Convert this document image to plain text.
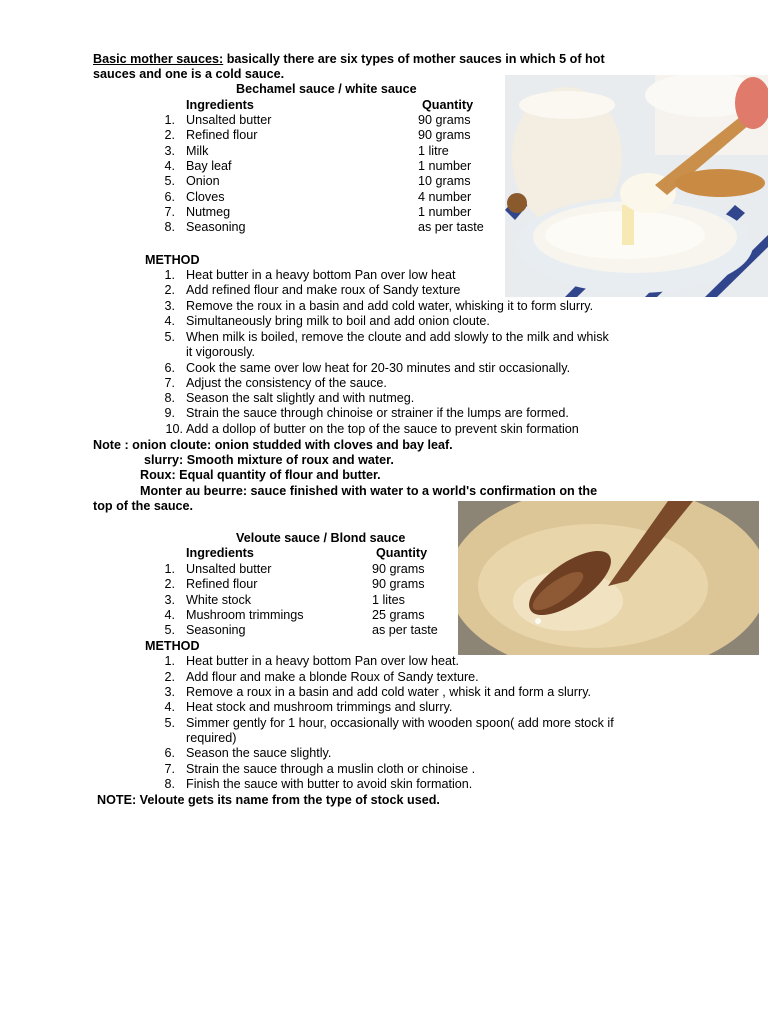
Basic mother sauces: basically there are six types of mother sauces in which 5 of hot
sauces and one is a cold sauce.
Bechamel sauce / white sauce
Ingredients	Quantity
1. Unsalted butter	90 grams
2. Refined flour	90 grams
3. Milk	1 litre
4. Bay leaf	1 number
5. Onion	10 grams
6. Cloves	4 number
7. Nutmeg	1 number
8. Seasoning	as per taste
METHOD
1. Heat butter in a heavy bottom Pan over low heat
2. Add refined flour and make roux of Sandy texture
3. Remove the roux in a basin and add cold water, whisking it to form slurry.
4. Simultaneously bring milk to boil and add onion cloute.
5. When milk is boiled, remove the cloute and add slowly to the milk and whisk
it vigorously.
6. Cook the same over low heat for 20-30 minutes and stir occasionally.
7. Adjust the consistency of the sauce.
8. Season the salt slightly and with nutmeg.
9. Strain the sauce through chinoise or strainer if the lumps are formed.
10. Add a dollop of butter on the top of the sauce to prevent skin formation
Note : onion cloute: onion studded with cloves and bay leaf.
slurry: Smooth mixture of roux and water.
Roux: Equal quantity of flour and butter.
Monter au beurre: sauce finished with water to a world's confirmation on the
top of the sauce.
Veloute sauce / Blond sauce
Ingredients	Quantity
1. Unsalted butter	90 grams
2. Refined flour	90 grams
3. White stock	1 lites
4. Mushroom trimmings	25 grams
5. Seasoning	as per taste
METHOD
1. Heat butter in a heavy bottom Pan over low heat.
2. Add flour and make a blonde Roux of Sandy texture.
3. Remove a roux in a basin and add cold water , whisk it and form a slurry.
4. Heat stock and mushroom trimmings and slurry.
5. Simmer gently for 1 hour, occasionally with wooden spoon( add more stock if
required)
6. Season the sauce slightly.
7. Strain the sauce through a muslin cloth or chinoise .
8. Finish the sauce with butter to avoid skin formation.
NOTE: Veloute gets its name from the type of stock used.
